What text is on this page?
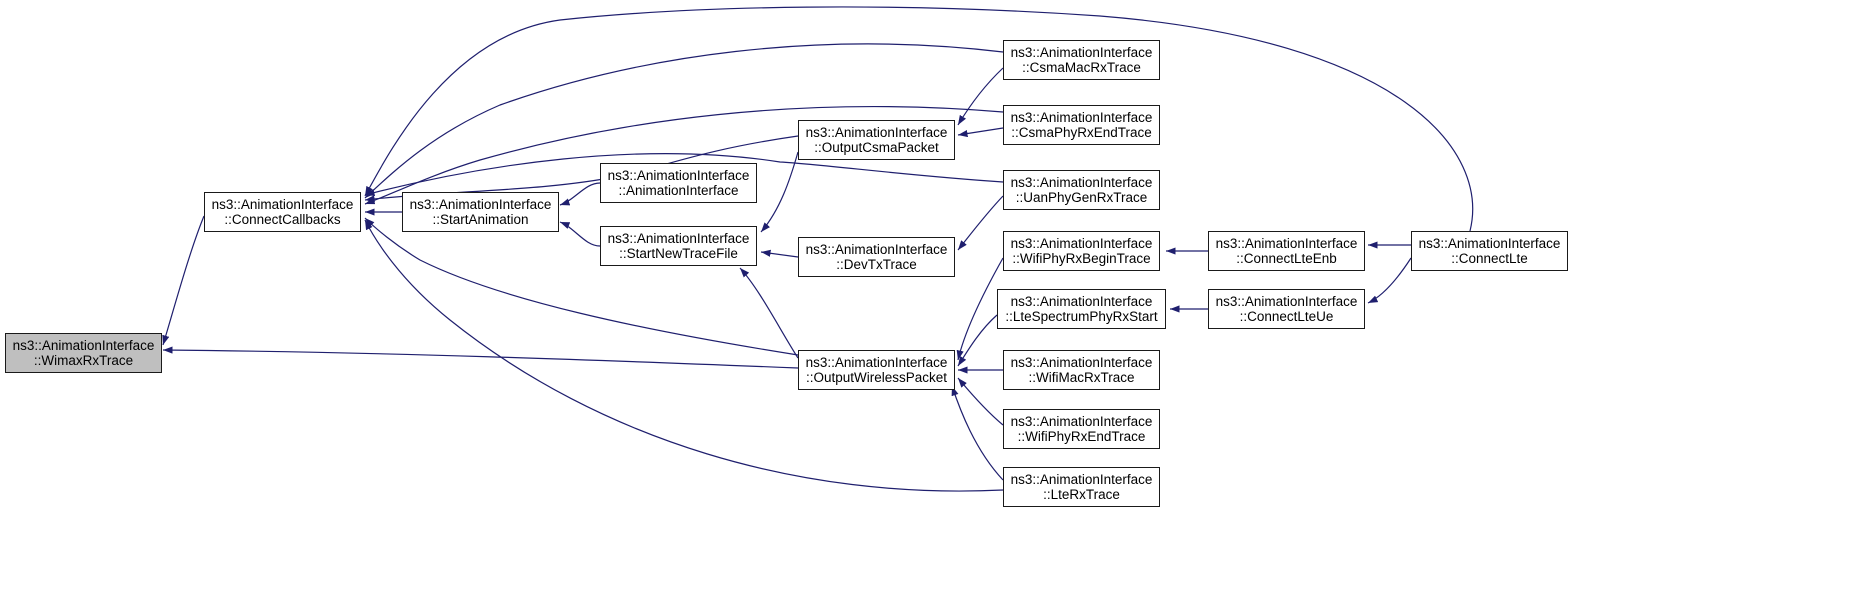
ns3::AnimationInterface
::WimaxRxTrace
ns3::AnimationInterface
::ConnectCallbacks
ns3::AnimationInterface
::StartAnimation
ns3::AnimationInterface
::AnimationInterface
ns3::AnimationInterface
::StartNewTraceFile	ns3::AnimationInterface
::DevTxTrace
ns3::AnimationInterface
::OutputCsmaPacket
ns3::AnimationInterface
::OutputWirelessPacket
ns3::AnimationInterface
::CsmaMacRxTrace
ns3::AnimationInterface
::CsmaPhyRxEndTrace
ns3::AnimationInterface
::UanPhyGenRxTrace
ns3::AnimationInterface
::WifiPhyRxBeginTrace
ns3::AnimationInterface
::LteSpectrumPhyRxStart
ns3::AnimationInterface
::WifiMacRxTrace
ns3::AnimationInterface
::WifiPhyRxEndTrace
ns3::AnimationInterface
::LteRxTrace
ns3::AnimationInterface
::ConnectLteEnb
ns3::AnimationInterface
::ConnectLteUe
ns3::AnimationInterface
::ConnectLte
